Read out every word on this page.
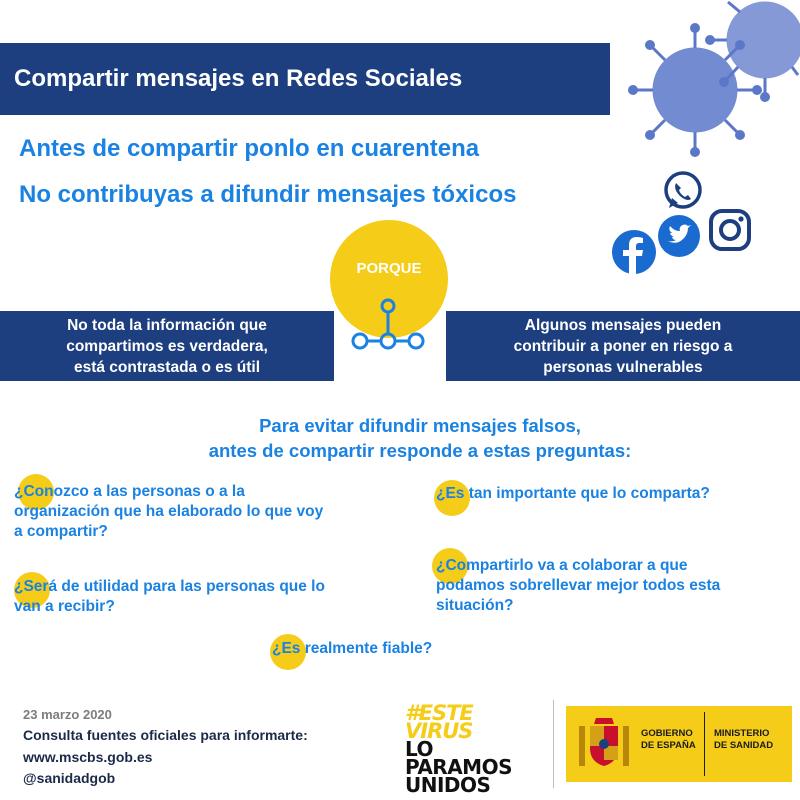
Compartir mensajes en Redes Sociales
Antes de compartir ponlo en cuarentena
No contribuyas a difundir mensajes tóxicos
PORQUE
No toda la información que
compartimos es verdadera,
está contrastada o es útil
Algunos mensajes pueden
contribuir a poner en riesgo a
personas vulnerables
Para evitar difundir mensajes falsos,
antes de compartir responde a estas preguntas:
¿Conozco a las personas o a la
organización que ha elaborado lo que voy
a compartir?
¿Es tan importante que lo comparta?
¿Será de utilidad para las personas que lo
van a recibir?
¿Compartirlo va a colaborar a que
podamos sobrellevar mejor todos esta
situación?
¿Es realmente fiable?
23 marzo 2020
Consulta fuentes oficiales para informarte:
www.mscbs.gob.es
@sanidadgob
#ESTE VIRUS
LO PARAMOS
UNIDOS
GOBIERNO
DE ESPAÑA
MINISTERIO
DE SANIDAD
